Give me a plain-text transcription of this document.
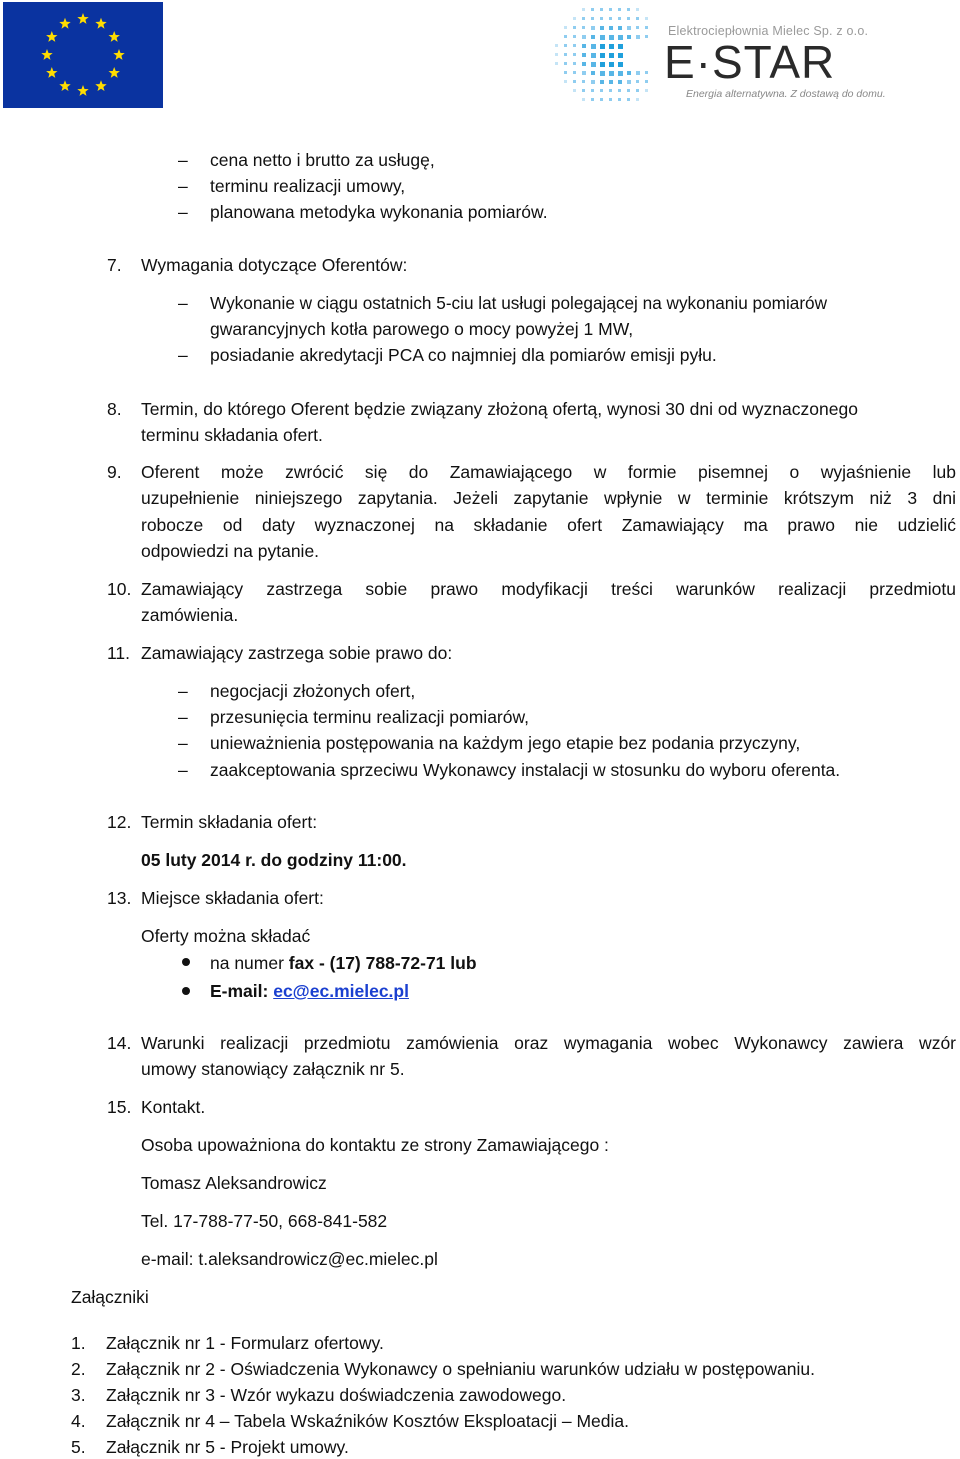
Elektrociepłownia Mielec Sp. z o.o.
E·STAR
Energia alternatywna. Z dostawą do domu.
– cena netto i brutto za usługę,
– terminu realizacji umowy,
– planowana metodyka wykonania pomiarów.
7. Wymagania dotyczące Oferentów:
– Wykonanie w ciągu ostatnich 5-ciu lat usługi polegającej na wykonaniu pomiarów
gwarancyjnych kotła parowego o mocy powyżej 1 MW,
– posiadanie akredytacji PCA co najmniej dla pomiarów emisji pyłu.
8. Termin, do którego Oferent będzie związany złożoną ofertą, wynosi 30 dni od wyznaczonego
terminu składania ofert.
9. Oferent może zwrócić się do Zamawiającego w formie pisemnej o wyjaśnienie lub
uzupełnienie niniejszego zapytania. Jeżeli zapytanie wpłynie w terminie krótszym niż 3 dni
robocze od daty wyznaczonej na składanie ofert Zamawiający ma prawo nie udzielić
odpowiedzi na pytanie.
10. Zamawiający zastrzega sobie prawo modyfikacji treści warunków realizacji przedmiotu
zamówienia.
11. Zamawiający zastrzega sobie prawo do:
– negocjacji złożonych ofert,
– przesunięcia terminu realizacji pomiarów,
– unieważnienia postępowania na każdym jego etapie bez podania przyczyny,
– zaakceptowania sprzeciwu Wykonawcy instalacji w stosunku do wyboru oferenta.
12. Termin składania ofert:
05 luty 2014 r. do godziny 11:00.
13. Miejsce składania ofert:
Oferty można składać
na numer fax - (17) 788-72-71 lub
E-mail: ec@ec.mielec.pl
14. Warunki realizacji przedmiotu zamówienia oraz wymagania wobec Wykonawcy zawiera wzór
umowy stanowiący załącznik nr 5.
15. Kontakt.
Osoba upoważniona do kontaktu ze strony Zamawiającego :
Tomasz Aleksandrowicz
Tel. 17-788-77-50, 668-841-582
e-mail: t.aleksandrowicz@ec.mielec.pl
Załączniki
1. Załącznik nr 1 - Formularz ofertowy.
2. Załącznik nr 2 - Oświadczenia Wykonawcy o spełnianiu warunków udziału w postępowaniu.
3. Załącznik nr 3 - Wzór wykazu doświadczenia zawodowego.
4. Załącznik nr 4 – Tabela Wskaźników Kosztów Eksploatacji – Media.
5. Załącznik nr 5 - Projekt umowy.
